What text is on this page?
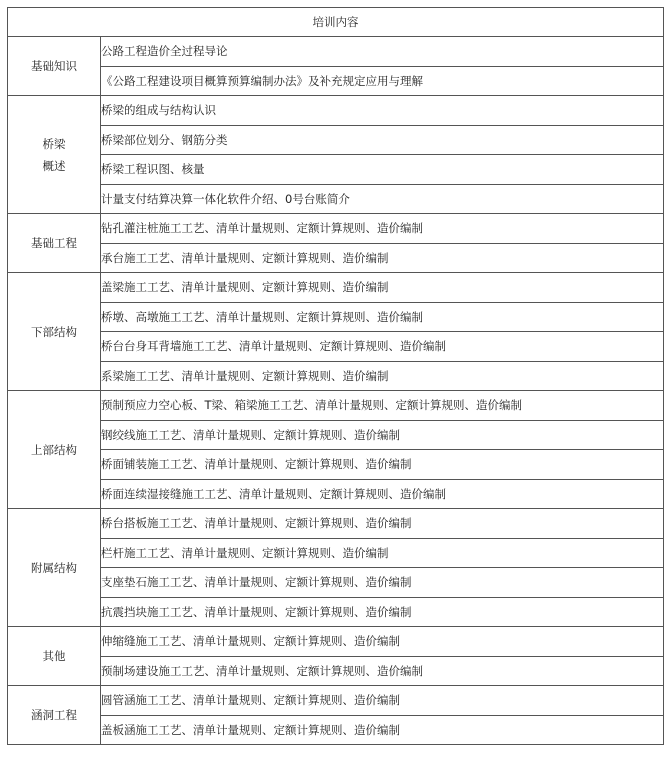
培训内容	
基础知识	公路工程造价全过程导论
	《公路工程建设项目概算预算编制办法》及补充规定应用与理解
桥梁概述	桥梁的组成与结构认识
	桥梁部位划分、钢筋分类
	桥梁工程识图、核量
	计量支付结算决算一体化软件介绍、0号台账简介
基础工程	钻孔灌注桩施工工艺、清单计量规则、定额计算规则、造价编制
	承台施工工艺、清单计量规则、定额计算规则、造价编制
下部结构	盖梁施工工艺、清单计量规则、定额计算规则、造价编制
	桥墩、高墩施工工艺、清单计量规则、定额计算规则、造价编制
	桥台台身耳背墙施工工艺、清单计量规则、定额计算规则、造价编制
	系梁施工工艺、清单计量规则、定额计算规则、造价编制
上部结构	预制预应力空心板、T梁、箱梁施工工艺、清单计量规则、定额计算规则、造价编制
	钢绞线施工工艺、清单计量规则、定额计算规则、造价编制
	桥面铺装施工工艺、清单计量规则、定额计算规则、造价编制
	桥面连续湿接缝施工工艺、清单计量规则、定额计算规则、造价编制
附属结构	桥台搭板施工工艺、清单计量规则、定额计算规则、造价编制
	栏杆施工工艺、清单计量规则、定额计算规则、造价编制
	支座垫石施工工艺、清单计量规则、定额计算规则、造价编制
	抗震挡块施工工艺、清单计量规则、定额计算规则、造价编制
其他	伸缩缝施工工艺、清单计量规则、定额计算规则、造价编制
	预制场建设施工工艺、清单计量规则、定额计算规则、造价编制
涵洞工程	圆管涵施工工艺、清单计量规则、定额计算规则、造价编制
	盖板涵施工工艺、清单计量规则、定额计算规则、造价编制
